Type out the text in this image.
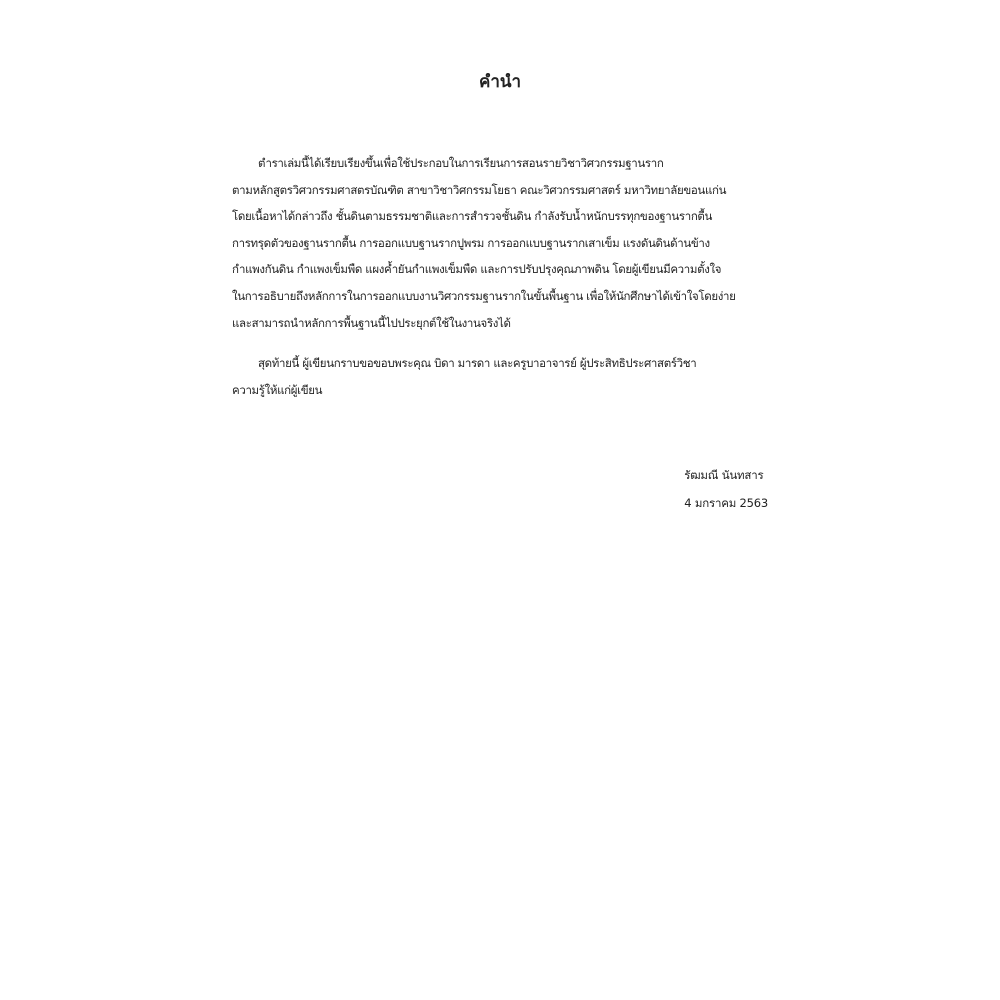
คำนำ
ตำราเล่มนี้ได้เรียบเรียงขึ้นเพื่อใช้ประกอบในการเรียนการสอนรายวิชาวิศวกรรมฐานราก
ตามหลักสูตรวิศวกรรมศาสตรบัณฑิต สาขาวิชาวิศกรรมโยธา คณะวิศวกรรมศาสตร์ มหาวิทยาลัยขอนแก่น
โดยเนื้อหาได้กล่าวถึง ชั้นดินตามธรรมชาติและการสำรวจชั้นดิน กำลังรับน้ำหนักบรรทุกของฐานรากตื้น
การทรุดตัวของฐานรากตื้น การออกแบบฐานรากปูพรม การออกแบบฐานรากเสาเข็ม แรงดันดินด้านข้าง
กำแพงกันดิน กำแพงเข็มพืด แผงค้ำยันกำแพงเข็มพืด และการปรับปรุงคุณภาพดิน โดยผู้เขียนมีความตั้งใจ
ในการอธิบายถึงหลักการในการออกแบบงานวิศวกรรมฐานรากในขั้นพื้นฐาน เพื่อให้นักศึกษาได้เข้าใจโดยง่าย
และสามารถนำหลักการพื้นฐานนี้ไปประยุกต์ใช้ในงานจริงได้
สุดท้ายนี้ ผู้เขียนกราบขอขอบพระคุณ บิดา มารดา และครูบาอาจารย์ ผู้ประสิทธิประศาสตร์วิชา
ความรู้ให้แก่ผู้เขียน
รัฒมณี นันทสาร
4 มกราคม 2563
